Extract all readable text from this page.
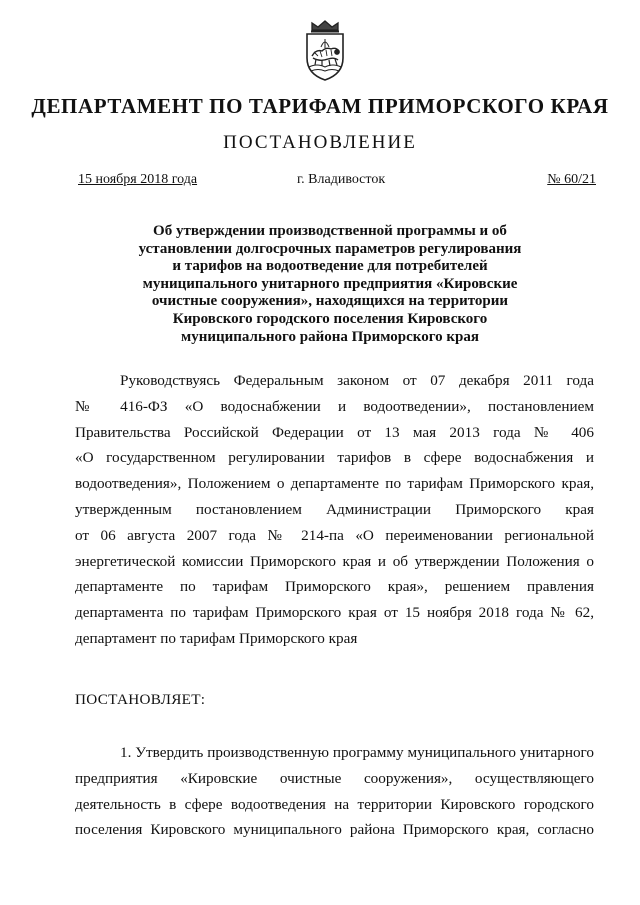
ДЕПАРТАМЕНТ ПО ТАРИФАМ ПРИМОРСКОГО КРАЯ
ПОСТАНОВЛЕНИЕ
15 ноября 2018 года	г. Владивосток	№ 60/21
Об утверждении производственной программы и об
установлении долгосрочных параметров регулирования
и тарифов на водоотведение для потребителей
муниципального унитарного предприятия «Кировские
очистные сооружения», находящихся на территории
Кировского городского поселения Кировского
муниципального района Приморского края
Руководствуясь Федеральным законом от 07 декабря 2011 года
№ 416-ФЗ «О водоснабжении и водоотведении», постановлением
Правительства Российской Федерации от 13 мая 2013 года № 406
«О государственном регулировании тарифов в сфере водоснабжения и
водоотведения», Положением о департаменте по тарифам Приморского края,
утвержденным постановлением Администрации Приморского края
от 06 августа 2007 года № 214-па «О переименовании региональной
энергетической комиссии Приморского края и об утверждении Положения о
департаменте по тарифам Приморского края», решением правления
департамента по тарифам Приморского края от 15 ноября 2018 года № 62,
департамент по тарифам Приморского края
ПОСТАНОВЛЯЕТ:
1. Утвердить производственную программу муниципального унитарного
предприятия «Кировские очистные сооружения», осуществляющего
деятельность в сфере водоотведения на территории Кировского городского
поселения Кировского муниципального района Приморского края, согласно
